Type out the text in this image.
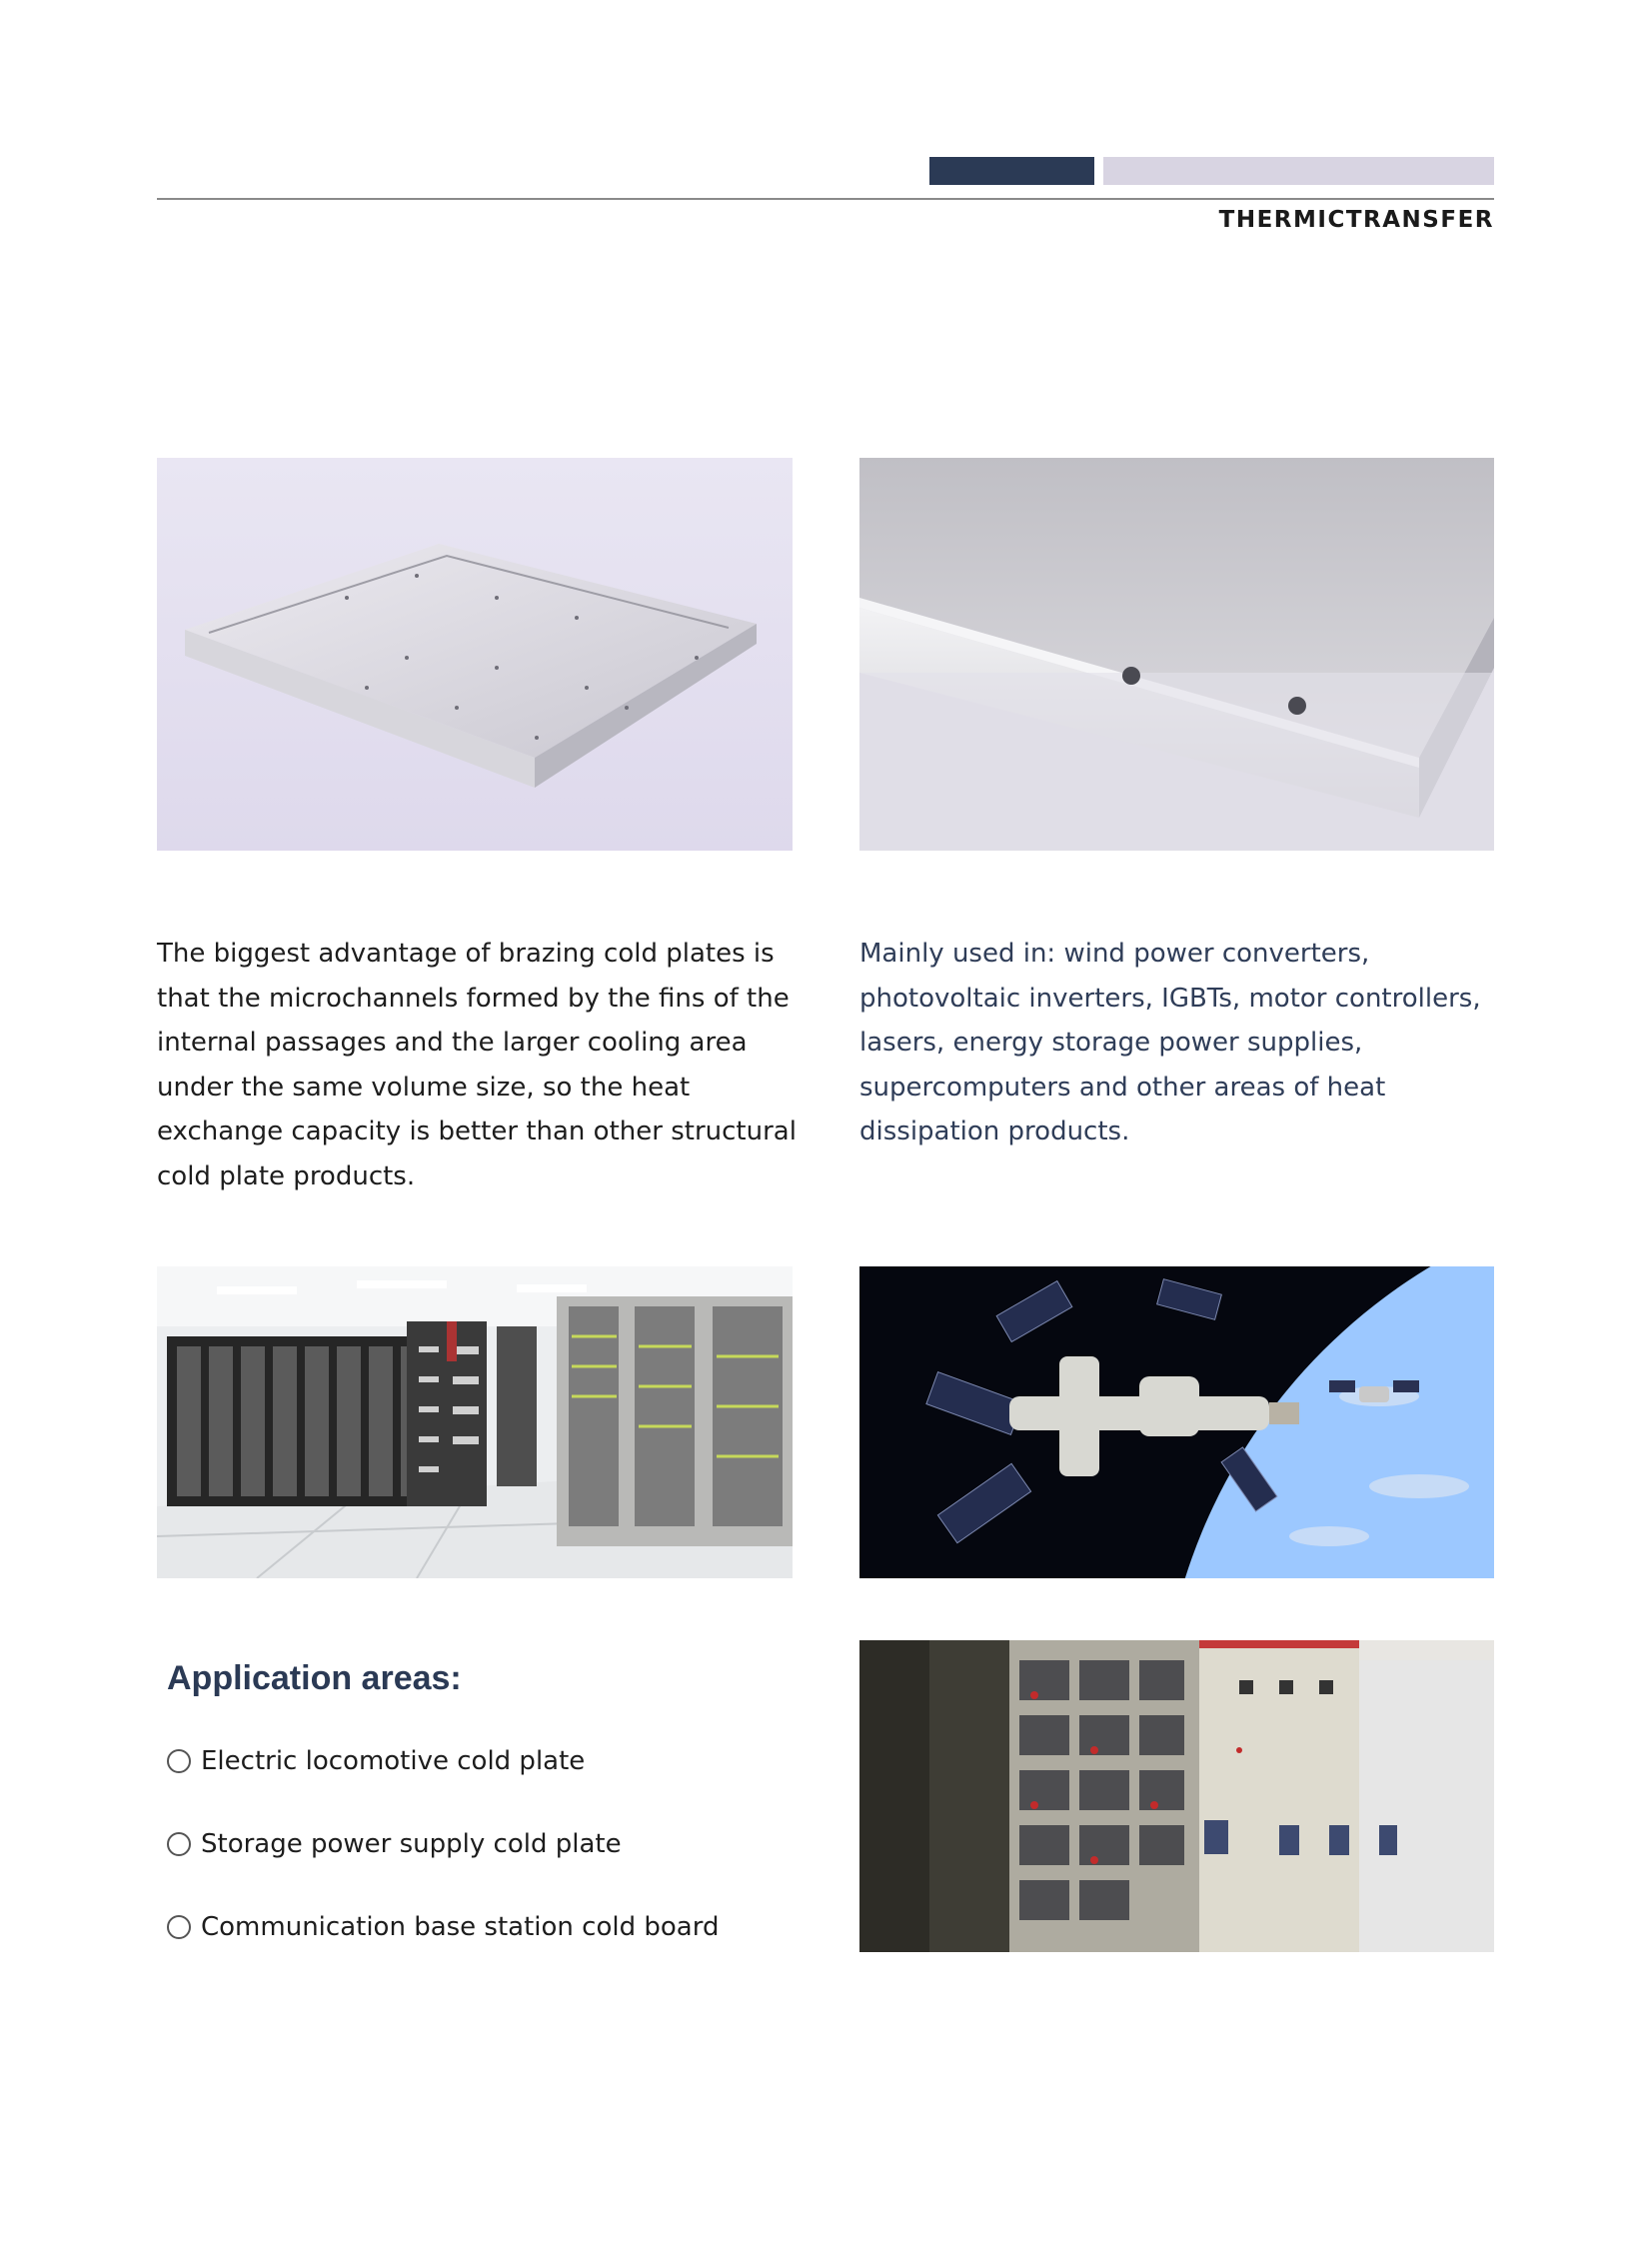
THERMICTRANSFER
The biggest advantage of brazing cold plates is that the microchannels formed by the fins of the internal passages and the larger cooling area under the same volume size, so the heat exchange capacity is better than other structural cold plate products.
Mainly used in: wind power converters, photovoltaic inverters, IGBTs, motor controllers, lasers, energy storage power supplies, supercomputers and other areas of heat dissipation products.
Application areas:
Electric locomotive cold plate
Storage power supply cold plate
Communication base station cold board
